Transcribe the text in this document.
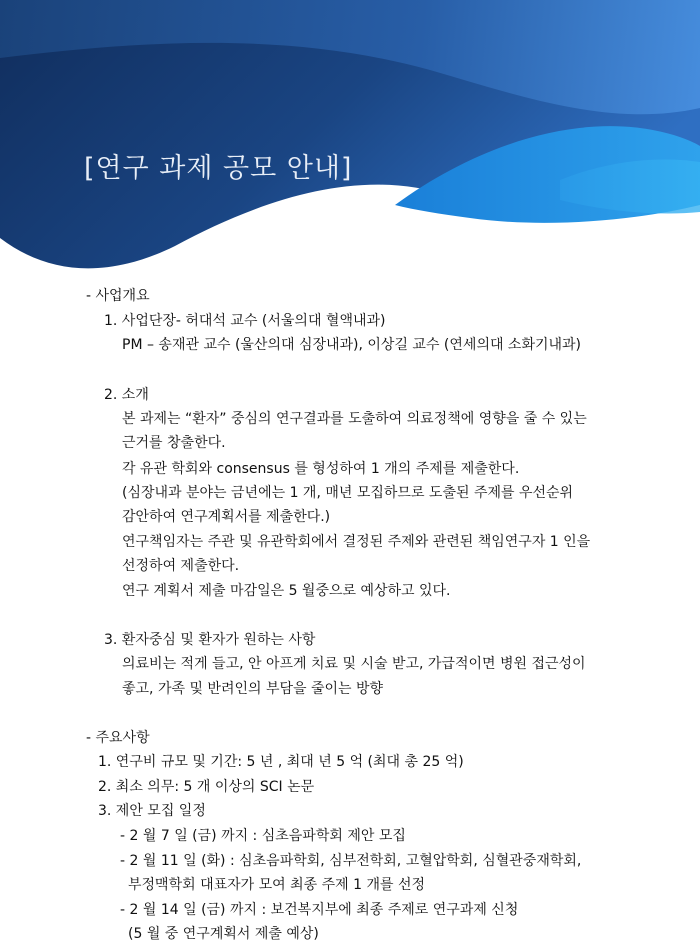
[연구 과제 공모 안내]
- 사업개요
1. 사업단장- 허대석 교수 (서울의대 혈액내과)
PM – 송재관 교수 (울산의대 심장내과), 이상길 교수 (연세의대 소화기내과)
2. 소개
본 과제는 “환자” 중심의 연구결과를 도출하여 의료정책에 영향을 줄 수 있는
근거를 창출한다.
각 유관 학회와 consensus 를 형성하여 1 개의 주제를 제출한다.
(심장내과 분야는 금년에는 1 개, 매년 모집하므로 도출된 주제를 우선순위
감안하여 연구계획서를 제출한다.)
연구책임자는 주관 및 유관학회에서 결정된 주제와 관련된 책임연구자 1 인을
선정하여 제출한다.
연구 계획서 제출 마감일은 5 월중으로 예상하고 있다.
3. 환자중심 및 환자가 원하는 사항
의료비는 적게 들고, 안 아프게 치료 및 시술 받고, 가급적이면 병원 접근성이
좋고, 가족 및 반려인의 부담을 줄이는 방향
- 주요사항
1. 연구비 규모 및 기간: 5 년 , 최대 년 5 억 (최대 총 25 억)
2. 최소 의무: 5 개 이상의 SCI 논문
3. 제안 모집 일정
- 2 월 7 일 (금) 까지 : 심초음파학회 제안 모집
- 2 월 11 일 (화) : 심초음파학회, 심부전학회, 고혈압학회, 심혈관중재학회,
부정맥학회 대표자가 모여 최종 주제 1 개를 선정
- 2 월 14 일 (금) 까지 : 보건복지부에 최종 주제로 연구과제 신청
(5 월 중 연구계획서 제출 예상)
